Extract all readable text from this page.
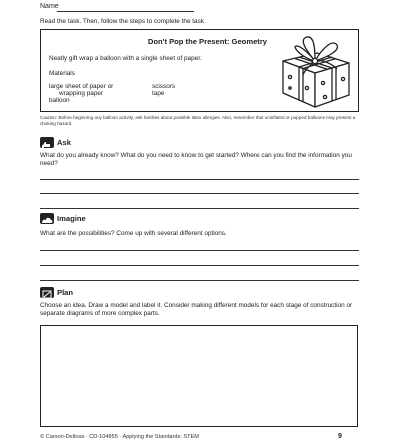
Name
Read the task. Then, follow the steps to complete the task.
Don't Pop the Present: Geometry
Neatly gift wrap a balloon with a single sheet of paper.
Materials
large sheet of paper or
wrapping paper
balloon
scissors
tape
Caution: Before beginning any balloon activity, ask families about possible latex allergies. Also, remember that uninflated or popped balloons may present a choking hazard.
Ask
What do you already know? What do you need to know to get started? Where can you find the information you need?
Imagine
What are the possibilities? Come up with several different options.
Plan
Choose an idea. Draw a model and label it. Consider making different models for each stage of construction or separate diagrams of more complex parts.
© Carson-Dellosa · CD-104855 · Applying the Standards: STEM	9
